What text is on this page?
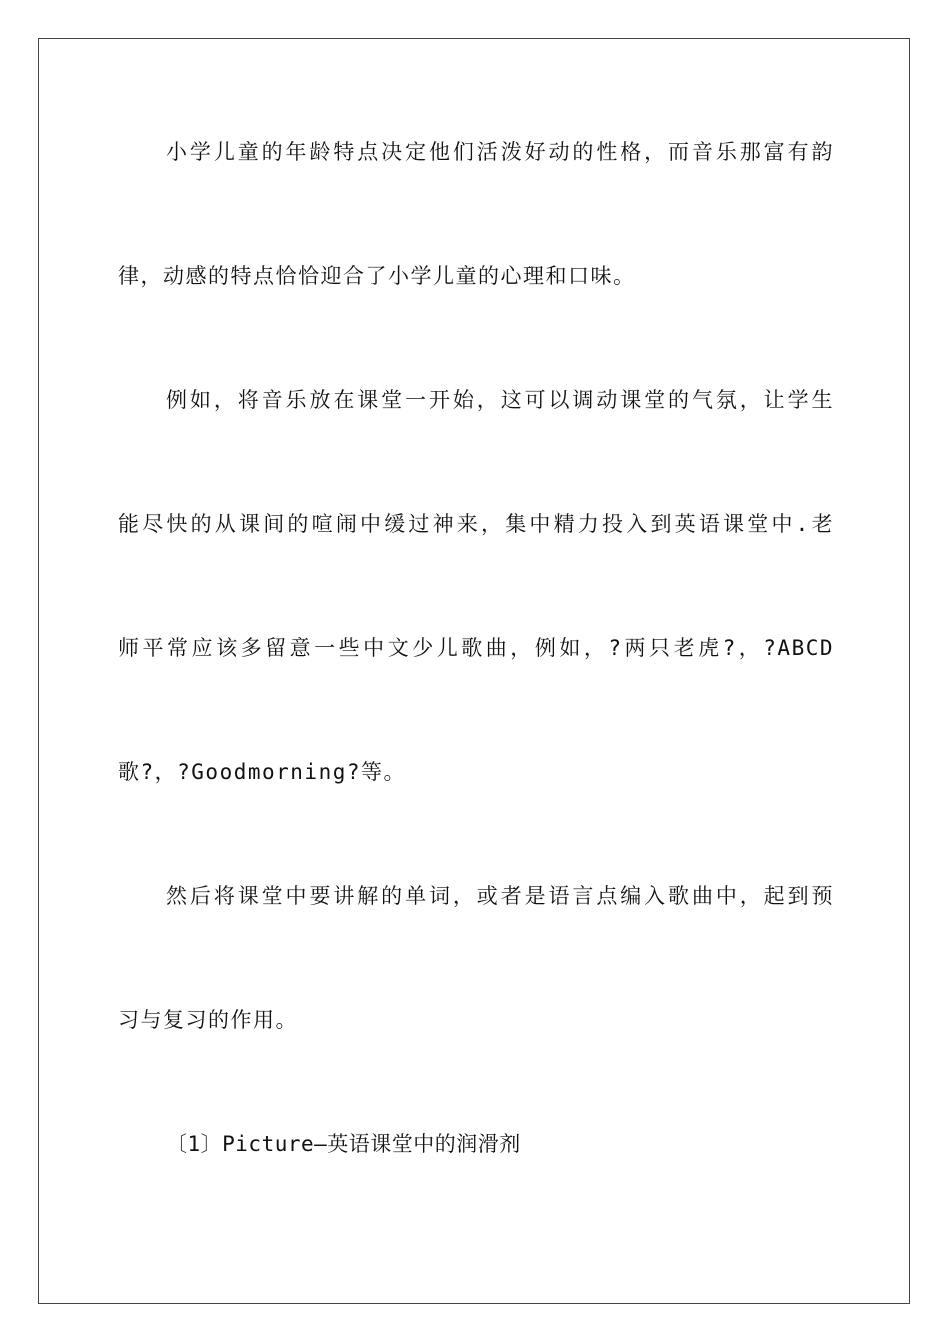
小学儿童的年龄特点决定他们活泼好动的性格，而音乐那富有韵
律，动感的特点恰恰迎合了小学儿童的心理和口味。
例如，将音乐放在课堂一开始，这可以调动课堂的气氛，让学生
能尽快的从课间的喧闹中缓过神来，集中精力投入到英语课堂中.老
师平常应该多留意一些中文少儿歌曲，例如，?两只老虎?，?ABCD
歌?，?Goodmorning?等。
然后将课堂中要讲解的单词，或者是语言点编入歌曲中，起到预
习与复习的作用。
〔1〕Picture—英语课堂中的润滑剂
